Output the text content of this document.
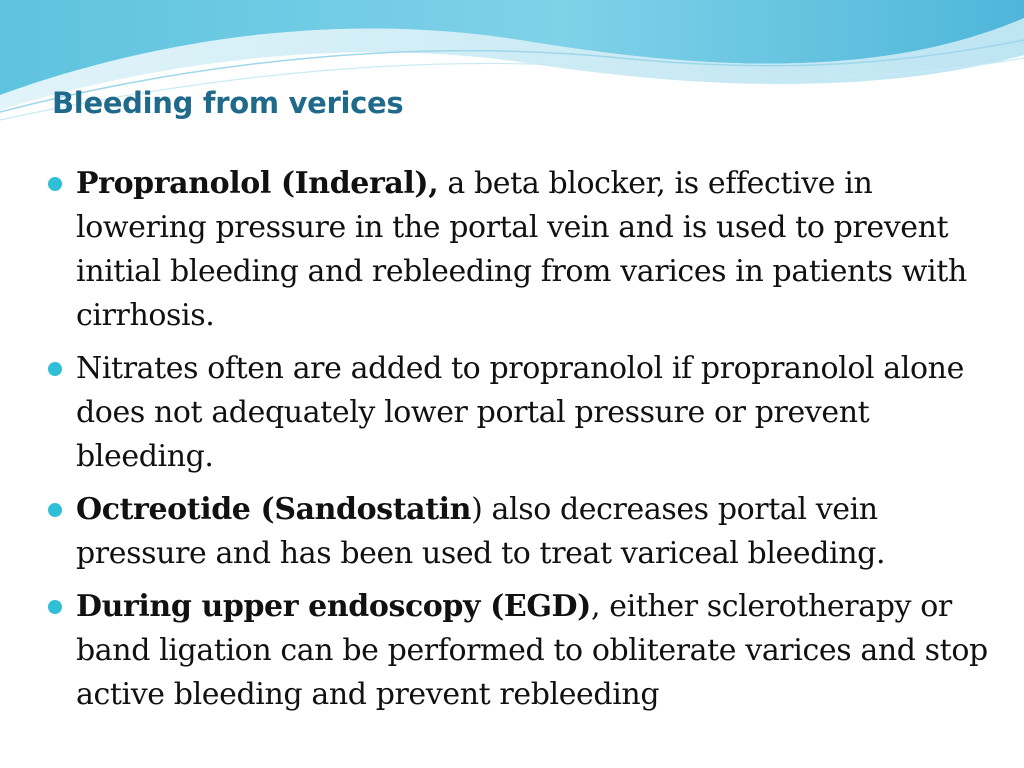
Bleeding from verices
Propranolol (Inderal), a beta blocker, is effective in lowering pressure in the portal vein and is used to prevent initial bleeding and rebleeding from varices in patients with cirrhosis.
Nitrates often are added to propranolol if propranolol alone does not adequately lower portal pressure or prevent bleeding.
Octreotide (Sandostatin) also decreases portal vein pressure and has been used to treat variceal bleeding.
During upper endoscopy (EGD), either sclerotherapy or band ligation can be performed to obliterate varices and stop active bleeding and prevent rebleeding
